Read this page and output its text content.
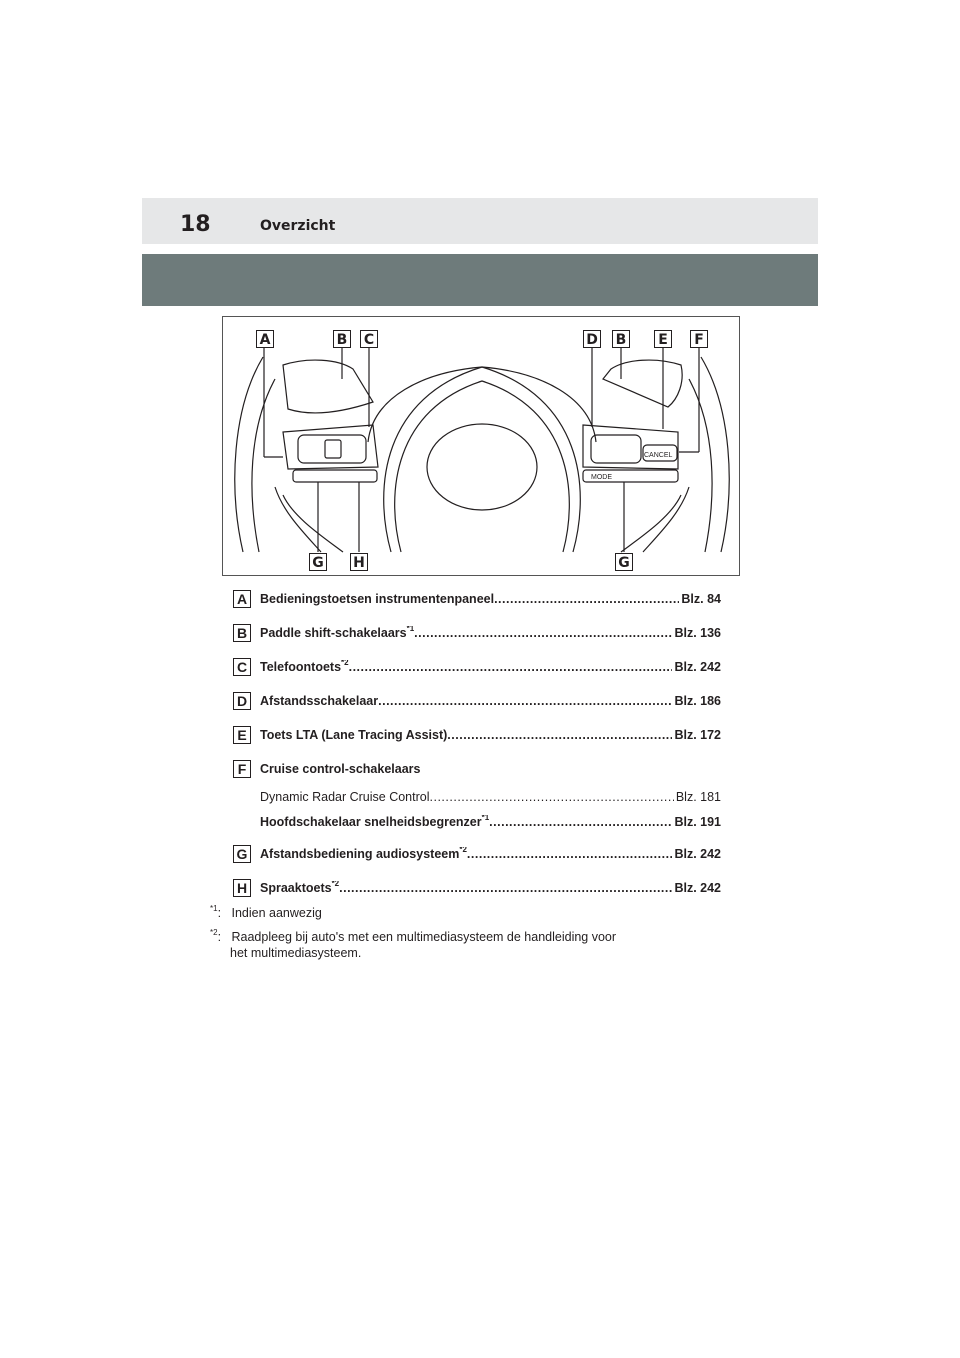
18	Overzicht
CANCEL
MODE
A	B C	D B	E	F
G H	G
A	Bedieningstoetsen instrumentenpaneel .....	Blz. 84
B	Paddle shift-schakelaars$^{*1}$ .....	Blz. 136
C	Telefoontoets$^{*2}$ .....	Blz. 242
D	Afstandsschakelaar .....	Blz. 186
E	Toets LTA (Lane Tracing Assist) .....	Blz. 172
F	Cruise control-schakelaars
Dynamic Radar Cruise Control .....	Blz. 181
Hoofdschakelaar snelheidsbegrenzer$^{*1}$ .....	Blz. 191
G Afstandsbediening audiosysteem$^{*2}$ .....	Blz. 242
H	Spraaktoets$^{*2}$ .....	Blz. 242
$^{*1}$: Indien aanwezig
$^{*2}$: Raadpleeg bij auto's met een multimediasysteem de handleiding voor
het multimediasysteem.
